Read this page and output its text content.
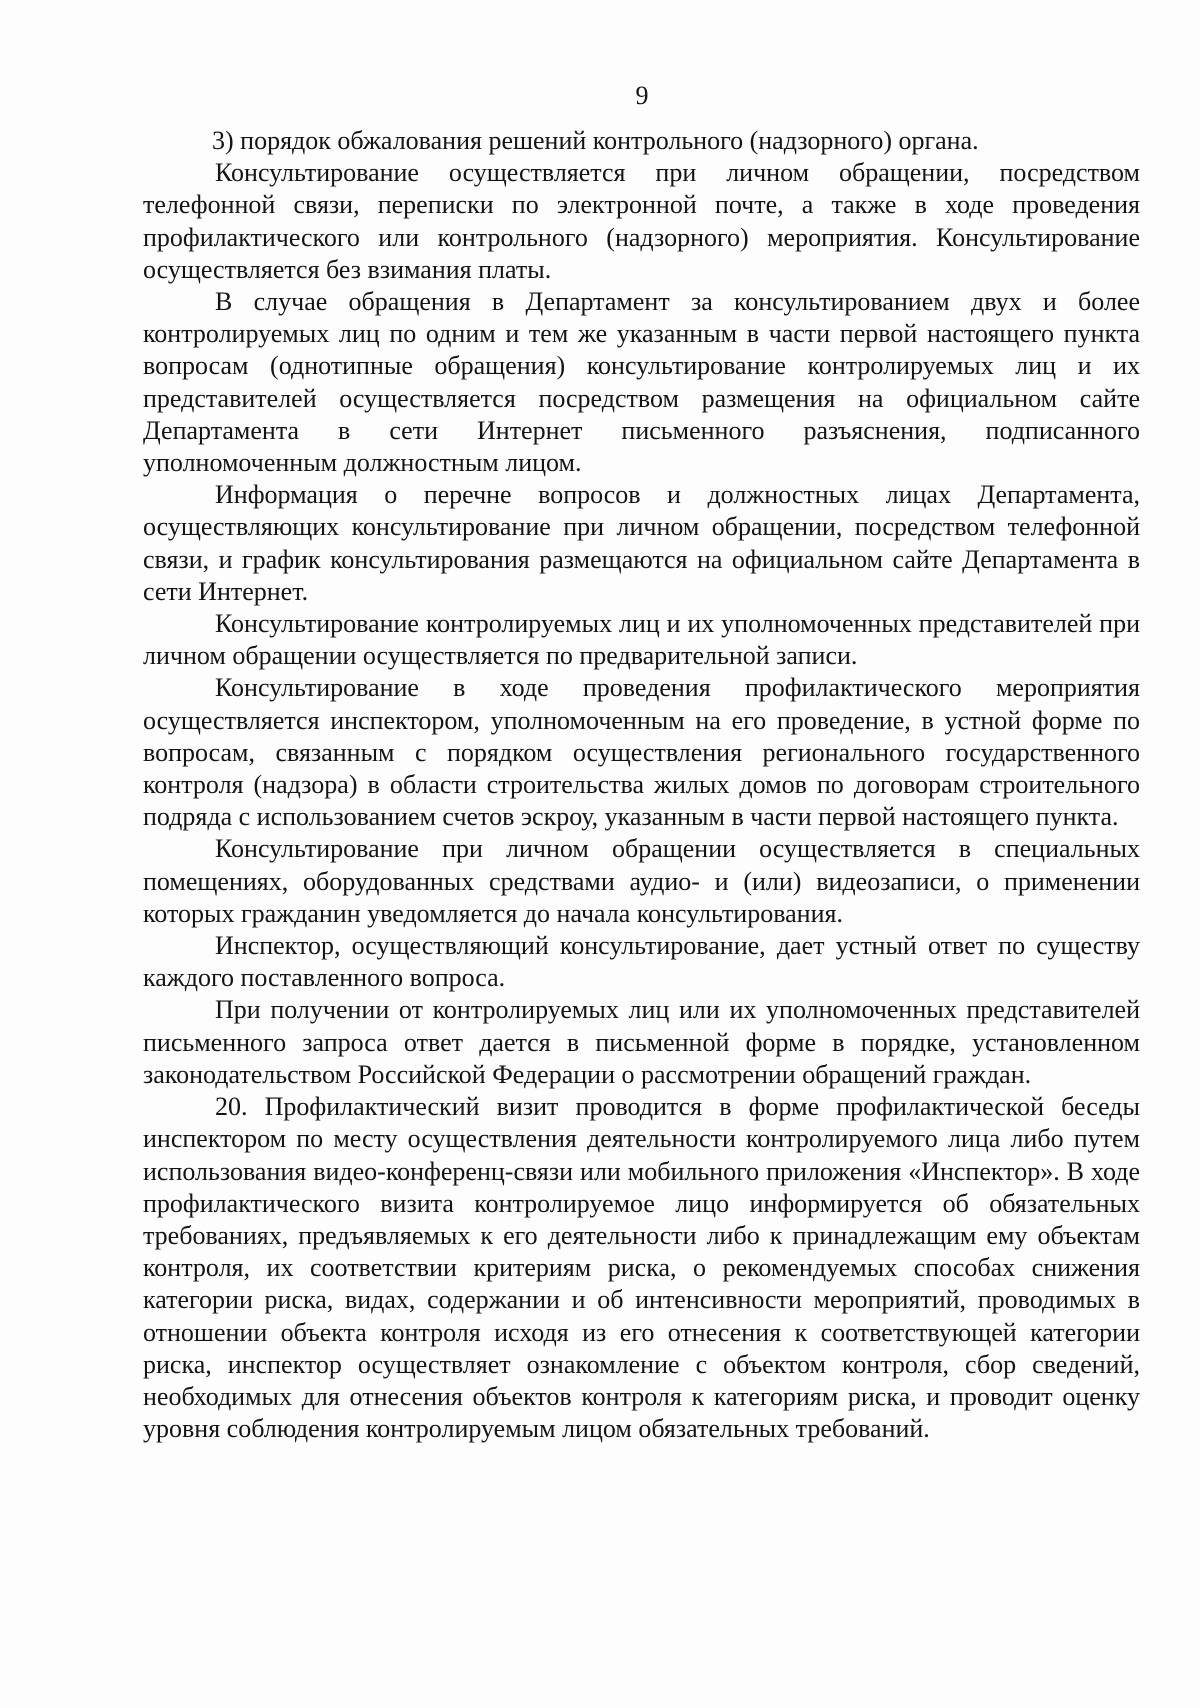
9

3) порядок обжалования решений контрольного (надзорного) органа.

Консультирование осуществляется при личном обращении, посредством телефонной связи, переписки по электронной почте, а также в ходе проведения профилактического или контрольного (надзорного) мероприятия. Консультирование осуществляется без взимания платы.

В случае обращения в Департамент за консультированием двух и более контролируемых лиц по одним и тем же указанным в части первой настоящего пункта вопросам (однотипные обращения) консультирование контролируемых лиц и их представителей осуществляется посредством размещения на официальном сайте Департамента в сети Интернет письменного разъяснения, подписанного уполномоченным должностным лицом.

Информация о перечне вопросов и должностных лицах Департамента, осуществляющих консультирование при личном обращении, посредством телефонной связи, и график консультирования размещаются на официальном сайте Департамента в сети Интернет.

Консультирование контролируемых лиц и их уполномоченных представителей при личном обращении осуществляется по предварительной записи.

Консультирование в ходе проведения профилактического мероприятия осуществляется инспектором, уполномоченным на его проведение, в устной форме по вопросам, связанным с порядком осуществления регионального государственного контроля (надзора) в области строительства жилых домов по договорам строительного подряда с использованием счетов эскроу, указанным в части первой настоящего пункта.

Консультирование при личном обращении осуществляется в специальных помещениях, оборудованных средствами аудио- и (или) видеозаписи, о применении которых гражданин уведомляется до начала консультирования.

Инспектор, осуществляющий консультирование, дает устный ответ по существу каждого поставленного вопроса.

При получении от контролируемых лиц или их уполномоченных представителей письменного запроса ответ дается в письменной форме в порядке, установленном законодательством Российской Федерации о рассмотрении обращений граждан.

20. Профилактический визит проводится в форме профилактической беседы инспектором по месту осуществления деятельности контролируемого лица либо путем использования видео-конференц-связи или мобильного приложения «Инспектор». В ходе профилактического визита контролируемое лицо информируется об обязательных требованиях, предъявляемых к его деятельности либо к принадлежащим ему объектам контроля, их соответствии критериям риска, о рекомендуемых способах снижения категории риска, видах, содержании и об интенсивности мероприятий, проводимых в отношении объекта контроля исходя из его отнесения к соответствующей категории риска, инспектор осуществляет ознакомление с объектом контроля, сбор сведений, необходимых для отнесения объектов контроля к категориям риска, и проводит оценку уровня соблюдения контролируемым лицом обязательных требований.
